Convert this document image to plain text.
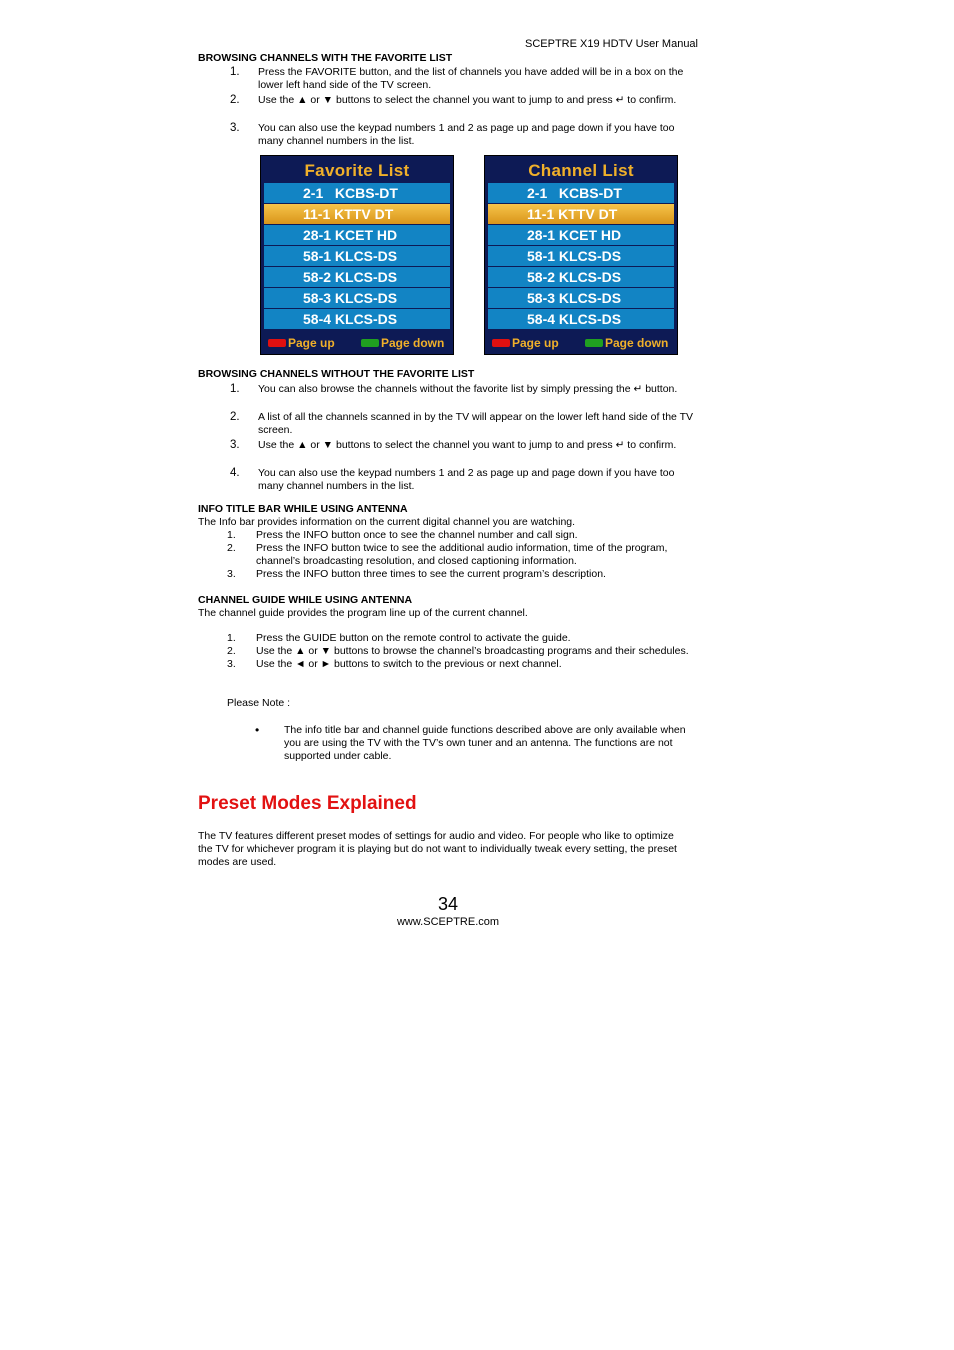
SCEPTRE X19 HDTV User Manual
BROWSING CHANNELS WITH THE FAVORITE LIST
1. Press the FAVORITE button, and the list of channels you have added will be in a box on the lower left hand side of the TV screen.
2. Use the ▲ or ▼ buttons to select the channel you want to jump to and press ↵ to confirm.
3. You can also use the keypad numbers 1 and 2 as page up and page down if you have too many channel numbers in the list.
Favorite List
2-1   KCBS-DT
11-1 KTTV DT
28-1 KCET HD
58-1 KLCS-DS
58-2 KLCS-DS
58-3 KLCS-DS
58-4 KLCS-DS
Page up	Page down
Channel List
2-1   KCBS-DT
11-1 KTTV DT
28-1 KCET HD
58-1 KLCS-DS
58-2 KLCS-DS
58-3 KLCS-DS
58-4 KLCS-DS
Page up	Page down
BROWSING CHANNELS WITHOUT THE FAVORITE LIST
1. You can also browse the channels without the favorite list by simply pressing the ↵ button.
2. A list of all the channels scanned in by the TV will appear on the lower left hand side of the TV screen.
3. Use the ▲ or ▼ buttons to select the channel you want to jump to and press ↵ to confirm.
4. You can also use the keypad numbers 1 and 2 as page up and page down if you have too many channel numbers in the list.
INFO TITLE BAR WHILE USING ANTENNA
The Info bar provides information on the current digital channel you are watching.
1. Press the INFO button once to see the channel number and call sign.
2. Press the INFO button twice to see the additional audio information, time of the program, channel’s broadcasting resolution, and closed captioning information.
3. Press the INFO button three times to see the current program’s description.
CHANNEL GUIDE WHILE USING ANTENNA
The channel guide provides the program line up of the current channel.
1. Press the GUIDE button on the remote control to activate the guide.
2. Use the ▲ or ▼ buttons to browse the channel’s broadcasting programs and their schedules.
3. Use the ◄ or ► buttons to switch to the previous or next channel.
Please Note :
• The info title bar and channel guide functions described above are only available when you are using the TV with the TV’s own tuner and an antenna. The functions are not supported under cable.
Preset Modes Explained
The TV features different preset modes of settings for audio and video. For people who like to optimize the TV for whichever program it is playing but do not want to individually tweak every setting, the preset modes are used.
34
www.SCEPTRE.com
